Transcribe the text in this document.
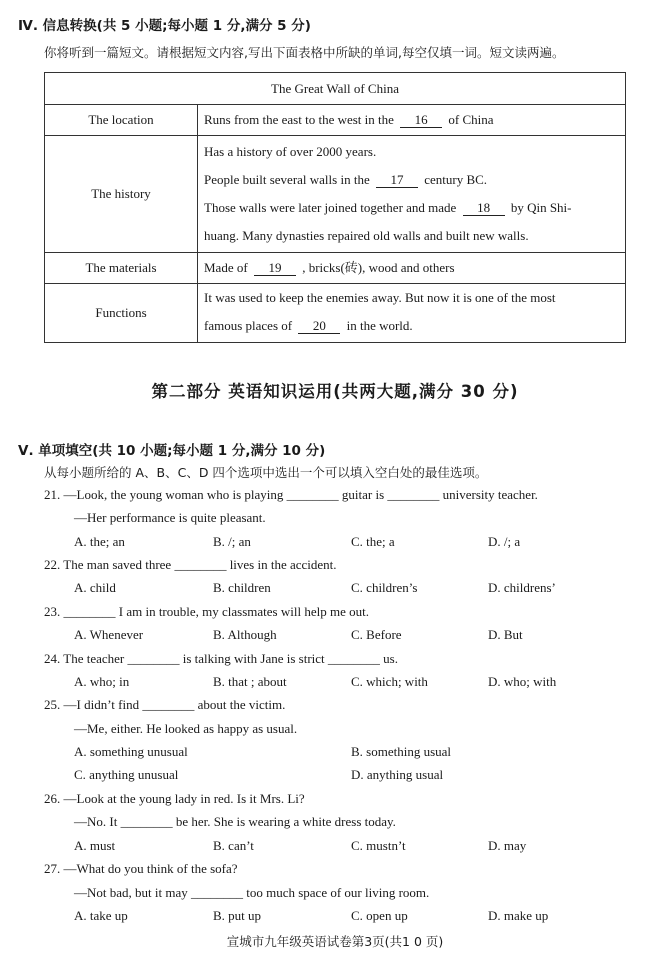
Ⅳ. 信息转换(共 5 小题;每小题 1 分,满分 5 分)
你将听到一篇短文。请根据短文内容,写出下面表格中所缺的单词,每空仅填一词。短文读两遍。
The Great Wall of China	
The location	Runs from the east to the west in the 16 of China

The history	Has a history of over 2000 years.
People built several walls in the 17 century BC.
Those walls were later joined together and made 18 by Qin Shi-
huang. Many dynasties repaired old walls and built new walls.

The materials	Made of 19 , bricks(砖), wood and others

Functions	It was used to keep the enemies away. But now it is one of the most
famous places of 20 in the world.
第二部分 英语知识运用(共两大题,满分 30 分)
Ⅴ. 单项填空(共 10 小题;每小题 1 分,满分 10 分)
从每小题所给的 A、B、C、D 四个选项中选出一个可以填入空白处的最佳选项。
21. —Look, the young woman who is playing ________ guitar is ________ university teacher.
—Her performance is quite pleasant.
A. the; an	B. /; an	C. the; a	D. /; a
22. The man saved three ________ lives in the accident.
A. child	B. children	C. children’s	D. childrens’
23. ________ I am in trouble, my classmates will help me out.
A. Whenever	B. Although	C. Before	D. But
24. The teacher ________ is talking with Jane is strict ________ us.
A. who; in	B. that ; about	C. which; with	D. who; with
25. —I didn’t find ________ about the victim.
—Me, either. He looked as happy as usual.
A. something unusual	B. something usual
C. anything unusual	D. anything usual
26. —Look at the young lady in red. Is it Mrs. Li?
—No. It ________ be her. She is wearing a white dress today.
A. must	B. can’t	C. mustn’t	D. may
27. —What do you think of the sofa?
—Not bad, but it may ________ too much space of our living room.
A. take up	B. put up	C. open up	D. make up
宣城市九年级英语试卷第3页(共1 0 页)
